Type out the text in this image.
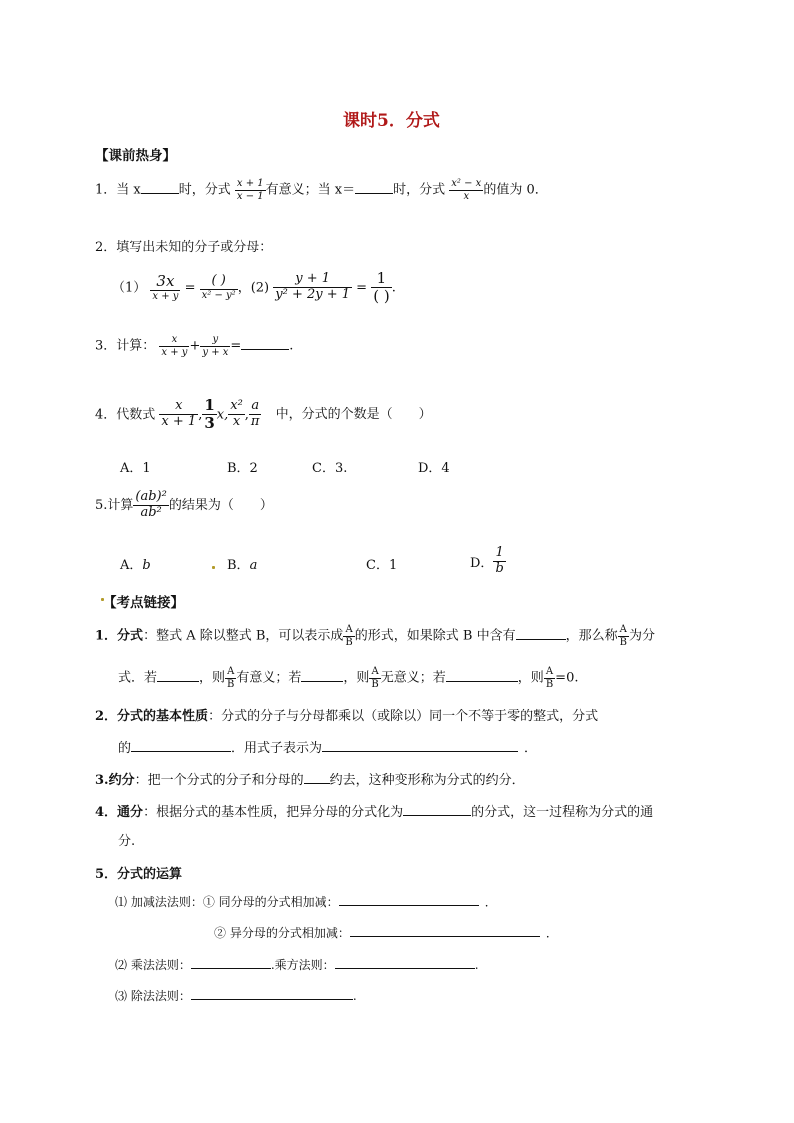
课时5．分式
【课前热身】
1．当 x	时，分式 $\frac{x + 1}{x - 1}$ 有意义；当 x＝	时，分式 $\frac{\text{x² − x}}{x}$ 的值为 0．
2．填写出未知的分子或分母：
$(1) \frac{3x}{x + y} = \frac{( )}{\text{x² − y²}}$ ，$(2) \frac{y + 1}{\text{y² + 2y + 1}} = \frac{1}{( )}$ .
3．计算： $\frac{x}{x + y} + \frac{y}{y + x}$ =	.
4．代数式 $\frac{x}{x + 1}$ , $\frac{1}{3} x$, $\frac{\text{x²}}{x}$ , $\frac{a}{\pi}$ 中，分式的个数是（　　）
A．1	B．2	C．3.	D．4
5.计算 $\frac{\text{(ab)²}}{\text{ab²}}$ 的结果为（　　）
A．b	B．a	C．1	D． $\frac{1}{b}$
【考点链接】
1．分式：整式 A 除以整式 B，可以表示成 $\frac{A}{B}$ 的形式，如果除式 B 中含有	，那么称 $\frac{A}{B}$ 为分
式．若	，则 $\frac{A}{B}$ 有意义；若	，则 $\frac{A}{B}$ 无意义；若	，则 $\frac{A}{B} =0$.
2．分式的基本性质：分式的分子与分母都乘以（或除以）同一个不等于零的整式，分式
的	．用式子表示为	．
3.约分：把一个分式的分子和分母的 约去，这种变形称为分式的约分．
4．通分：根据分式的基本性质，把异分母的分式化为	的分式，这一过程称为分式的通
分.
5．分式的运算
⑴ 加减法法则：① 同分母的分式相加减：	．
② 异分母的分式相加减：	．
⑵ 乘法法则：	.乘方法则：	.
⑶ 除法法则：	.
